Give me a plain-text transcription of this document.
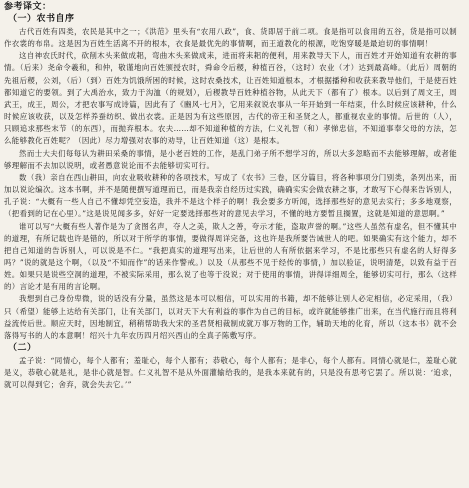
参考译文：
（一）农书自序

古代百姓有四类，农民是其中之一；《洪范》里头有“农用八政”，食、货即居于前二项。食是指可以食用的五谷，货是指可以制作衣裳的布帛。这是因为百姓生活离不开的根本，衣食是最优先的事情啊，而王道教化的根源，吃饱穿暖是最迫切的事情啊！

这自神农氏时代，砍削木头来做成耜，弯曲木头来做成耒，进而将耒耜的便利，用来教导天下人，而百姓才开始知道有农耕的事情。（后来）尧命令羲和，和仲，敬谨地向百姓颁授农时，舜命令后稷，种植百谷，（这时）农业（才）达到最高峰。（此后）周朝的先祖后稷，公刘，（后）（到）百姓为饥饿所困的时候，这时农桑技术，让百姓知道根本，才根据播种和收获来教导他们，于是使百姓都知道它的要领。到了大禹治水，致力于沟洫（的规划），后稷教导百姓种植谷物，从此天下（都有了）根本。以后到了周文王，周武王，成王，周公，才把农事写成诗篇，因此有了《豳风·七月》，它用来叙说农事从一年开始到一年结束，什么时候应该耕种，什么时候应该收获，以及怎样养蚕纺织、做出衣裳。正是因为有这些原因，古代的帝王和圣贤之人，都重视农业的事情。后世的（人），只顾追求那些末节（的东西），而抛弃根本。农夫……却不知道种植的方法，仁义礼智（和）孝悌忠信，不知道事奉父母的方法，怎么能够教化百姓呢？（因此）尽力增强对农事的劝导，让百姓知道（这）是根本。

然而士大夫们每每认为耕田采桑的事情，是小老百姓的工作，是乱门弟子所不想学习的，所以大多忽略而不去能够理解，或者能够理解而不去加以说明，或者愚意说论而不去能够切实可行。

数（我）亲自在西山耕田，向农业吸收耕种的各项技术，写成了《农书》三卷，区分篇目，将各种事项分门别类，条列出来，而加以说论编次。这本书啊，并不是随便撰写道理而已，而是我亲自经历过实践，确确实实会做农耕之事，才敢写下心得来告诉别人，孔子说：“大概有一些人自己不懂却凭空妄造，我并不是这个样子的啊！我会要多方听闻，选择那些好的意见去实行；多多地观察，（把看到的记在心里）。”这是说见闻多多，好好一定要选择那些对的意见去学习，不懂的地方要暂且搁置，这就是知道的意思啊。”

谁可以写“大概有些人著作是为了贪图名声，夺人之美，欺人之善，夸示才能，盗取声誉的啊。”这些人虽然有虚名，但不懂其中的道理，有所记载也许是错的，所以对于所学的事情，要做得周详完备，这也许是我所要告诫世人的吧。如果确实有这个能力，却不把自己知道的告诉别人，可以说是不仁。“我把真实的道理写出来，让后世的人有所依据来学习，不是比那些只有虚名的人好得多吗？”说的就是这个啊，（以及“不知而作”的话来作警戒。）以及（从那些不见于经传的事情，）加以验证，说明清楚，以致有益于百姓。如果只是说些空洞的道理，不被实际采用，那么说了也等于没说；对于使用的事情，讲得详细周全，能够切实可行，那么（这样的）言论才是有用的言论啊。

我想到自己身份卑微，说的话没有分量，虽然这是本可以相信，可以实用的书籍，却不能够让别人必定相信，必定采用，（我）只（希望）能够上达给有关部门，让有关部门，以对天下大有利益的事作为自己的目标，或许就能够推广出来，在当代施行而且将利益流传后世。顺应天时，因地制宜，稍稍帮助我大宋的圣君贤相裁制成就万事万物的工作，辅助天地的化育，所以（这本书）就不会落得写书的人的本意啊！绍兴十九年农历四月绍兴西山的全真子陈敷写序。

（二）

孟子说：“同情心，每个人都有；羞耻心，每个人都有；恭敬心，每个人都有；是非心，每个人都有。同情心就是仁，羞耻心就是义，恭敬心就是礼，是非心就是智。仁义礼智不是从外面灌输给我的，是我本来就有的，只是没有思考它罢了。所以说：‘追求，就可以得到它；舍弃，就会失去它。’”
